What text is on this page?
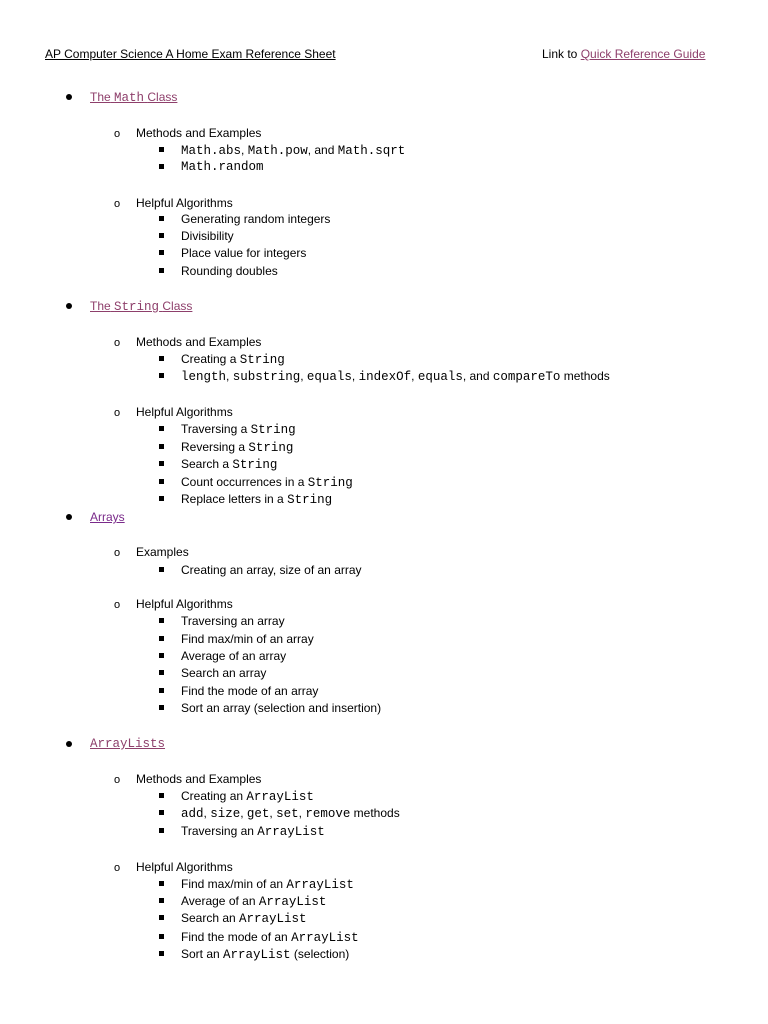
AP Computer Science A Home Exam Reference Sheet	Link to Quick Reference Guide
The Math Class
o Methods and Examples
Math.abs, Math.pow, and Math.sqrt
Math.random
o Helpful Algorithms
Generating random integers
Divisibility
Place value for integers
Rounding doubles
The String Class
o Methods and Examples
Creating a String
length, substring, equals, indexOf, equals, and compareTo methods
o Helpful Algorithms
Traversing a String
Reversing a String
Search a String
Count occurrences in a String
Replace letters in a String
Arrays
o Examples
Creating an array, size of an array
o Helpful Algorithms
Traversing an array
Find max/min of an array
Average of an array
Search an array
Find the mode of an array
Sort an array (selection and insertion)
ArrayLists
o Methods and Examples
Creating an ArrayList
add, size, get, set, remove methods
Traversing an ArrayList
o Helpful Algorithms
Find max/min of an ArrayList
Average of an ArrayList
Search an ArrayList
Find the mode of an ArrayList
Sort an ArrayList (selection)
